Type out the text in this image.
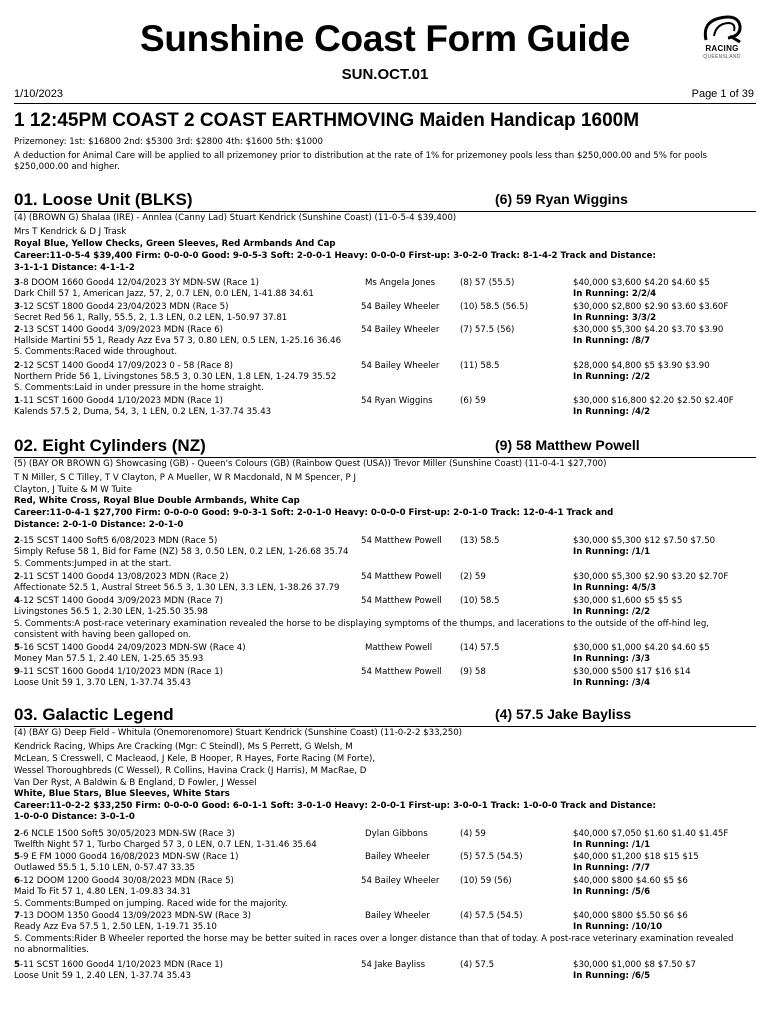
Sunshine Coast Form Guide
SUN.OCT.01
RACING
QUEENSLAND
1/10/2023	Page 1 of 39
1 12:45PM COAST 2 COAST EARTHMOVING Maiden Handicap 1600M
Prizemoney: 1st: $16800 2nd: $5300 3rd: $2800 4th: $1600 5th: $1000
A deduction for Animal Care will be applied to all prizemoney prior to distribution at the rate of 1% for prizemoney pools less than $250,000.00 and 5% for pools $250,000.00 and higher.
01. Loose Unit (BLKS)	(6) 59 Ryan Wiggins
(4) (BROWN G) Shalaa (IRE) - Annlea (Canny Lad) Stuart Kendrick (Sunshine Coast) (11-0-5-4 $39,400)
Mrs T Kendrick & D J Trask
Royal Blue, Yellow Checks, Green Sleeves, Red Armbands And Cap
Career:11-0-5-4 $39,400 Firm: 0-0-0-0 Good: 9-0-5-3 Soft: 2-0-0-1 Heavy: 0-0-0-0 First-up: 3-0-2-0 Track: 8-1-4-2 Track and Distance:
3-1-1-1 Distance: 4-1-1-2
3-8 DOOM 1660 Good4 12/04/2023 3Y MDN-SW (Race 1)	Ms Angela Jones	(8) 57 (55.5)	$40,000 $3,600 $4.20 $4.60 $5
In Running: 2/2/4
Dark Chill 57 1, American Jazz, 57, 2, 0.7 LEN, 0.0 LEN, 1-41.88 34.61
3-12 SCST 1800 Good4 23/04/2023 MDN (Race 5)	54 Bailey Wheeler (10) 58.5 (56.5)	$30,000 $2,800 $2.90 $3.60 $3.60F
In Running: 3/3/2
Secret Red 56 1, Rally, 55.5, 2, 1.3 LEN, 0.2 LEN, 1-50.97 37.81
2-13 SCST 1400 Good4 3/09/2023 MDN (Race 6)	54 Bailey Wheeler (7) 57.5 (56)	$30,000 $5,300 $4.20 $3.70 $3.90
In Running: /8/7
Hallside Martini 55 1, Ready Azz Eva 57 3, 0.80 LEN, 0.5 LEN, 1-25.16 36.46
S. Comments:Raced wide throughout.
2-12 SCST 1400 Good4 17/09/2023 0 - 58 (Race 8)	54 Bailey Wheeler (11) 58.5	$28,000 $4,800 $5 $3.90 $3.90
In Running: /2/2
Northern Pride 56 1, Livingstones 58.5 3, 0.30 LEN, 1.8 LEN, 1-24.79 35.52
S. Comments:Laid in under pressure in the home straight.
1-11 SCST 1600 Good4 1/10/2023 MDN (Race 1)	54 Ryan Wiggins	(6) 59	$30,000 $16,800 $2.20 $2.50 $2.40F
In Running: /4/2
Kalends 57.5 2, Duma, 54, 3, 1 LEN, 0.2 LEN, 1-37.74 35.43
02. Eight Cylinders (NZ)	(9) 58 Matthew Powell
(5) (BAY OR BROWN G) Showcasing (GB) - Queen's Colours (GB) (Rainbow Quest (USA)) Trevor Miller (Sunshine Coast) (11-0-4-1 $27,700)
T N Miller, S C Tilley, T V Clayton, P A Mueller, W R Macdonald, N M Spencer, P J
Clayton, J Tuite & M W Tuite
Red, White Cross, Royal Blue Double Armbands, White Cap
Career:11-0-4-1 $27,700 Firm: 0-0-0-0 Good: 9-0-3-1 Soft: 2-0-1-0 Heavy: 0-0-0-0 First-up: 2-0-1-0 Track: 12-0-4-1 Track and
Distance: 2-0-1-0 Distance: 2-0-1-0
2-15 SCST 1400 Soft5 6/08/2023 MDN (Race 5)	54 Matthew Powell (13) 58.5	$30,000 $5,300 $12 $7.50 $7.50
In Running: /1/1
Simply Refuse 58 1, Bid for Fame (NZ) 58 3, 0.50 LEN, 0.2 LEN, 1-26.68 35.74
S. Comments:Jumped in at the start.
2-11 SCST 1400 Good4 13/08/2023 MDN (Race 2)	54 Matthew Powell (2) 59	$30,000 $5,300 $2.90 $3.20 $2.70F
In Running: 4/5/3
Affectionate 52.5 1, Austral Street 56.5 3, 1.30 LEN, 3.3 LEN, 1-38.26 37.79
4-12 SCST 1400 Good4 3/09/2023 MDN (Race 7)	54 Matthew Powell (10) 58.5	$30,000 $1,600 $5 $5 $5
In Running: /2/2
Livingstones 56.5 1, 2.30 LEN, 1-25.50 35.98
S. Comments:A post-race veterinary examination revealed the horse to be displaying symptoms of the thumps, and lacerations to the outside of the off-hind leg, consistent with having been galloped on.
5-16 SCST 1400 Good4 24/09/2023 MDN-SW (Race 4)	Matthew Powell	(14) 57.5	$30,000 $1,000 $4.20 $4.60 $5
In Running: /3/3
Money Man 57.5 1, 2.40 LEN, 1-25.65 35.93
9-11 SCST 1600 Good4 1/10/2023 MDN (Race 1)	54 Matthew Powell (9) 58	$30,000 $500 $17 $16 $14
In Running: /3/4
Loose Unit 59 1, 3.70 LEN, 1-37.74 35.43
03. Galactic Legend	(4) 57.5 Jake Bayliss
(4) (BAY G) Deep Field - Whitula (Onemorenomore) Stuart Kendrick (Sunshine Coast) (11-0-2-2 $33,250)
Kendrick Racing, Whips Are Cracking (Mgr: C Steindl), Ms S Perrett, G Welsh, M
McLean, S Cresswell, C Macleaod, J Kele, B Hooper, R Hayes, Forte Racing (M Forte),
Wessel Thoroughbreds (C Wessel), R Collins, Havina Crack (J Harris), M MacRae, D
Van Der Ryst, A Baldwin & B England, D Fowler, J Wessel
White, Blue Stars, Blue Sleeves, White Stars
Career:11-0-2-2 $33,250 Firm: 0-0-0-0 Good: 6-0-1-1 Soft: 3-0-1-0 Heavy: 2-0-0-1 First-up: 3-0-0-1 Track: 1-0-0-0 Track and Distance:
1-0-0-0 Distance: 3-0-1-0
2-6 NCLE 1500 Soft5 30/05/2023 MDN-SW (Race 3)	Dylan Gibbons	(4) 59	$40,000 $7,050 $1.60 $1.40 $1.45F
In Running: /1/1
Twelfth Night 57 1, Turbo Charged 57 3, 0 LEN, 0.7 LEN, 1-31.46 35.64
5-9 E FM 1000 Good4 16/08/2023 MDN-SW (Race 1)	Bailey Wheeler	(5) 57.5 (54.5)	$40,000 $1,200 $18 $15 $15
In Running: /7/7
Outlawed 55.5 1, 5.10 LEN, 0-57.47 33.35
6-12 DOOM 1200 Good4 30/08/2023 MDN (Race 5)	54 Bailey Wheeler (10) 59 (56)	$40,000 $800 $4.60 $5 $6
In Running: /5/6
Maid To Fit 57 1, 4.80 LEN, 1-09.83 34.31
S. Comments:Bumped on jumping. Raced wide for the majority.
7-13 DOOM 1350 Good4 13/09/2023 MDN-SW (Race 3)	Bailey Wheeler	(4) 57.5 (54.5)	$40,000 $800 $5.50 $6 $6
In Running: /10/10
Ready Azz Eva 57.5 1, 2.50 LEN, 1-19.71 35.10
S. Comments:Rider B Wheeler reported the horse may be better suited in races over a longer distance than that of today. A post-race veterinary examination revealed no abnormalities.
5-11 SCST 1600 Good4 1/10/2023 MDN (Race 1)	54 Jake Bayliss	(4) 57.5	$30,000 $1,000 $8 $7.50 $7
In Running: /6/5
Loose Unit 59 1, 2.40 LEN, 1-37.74 35.43
